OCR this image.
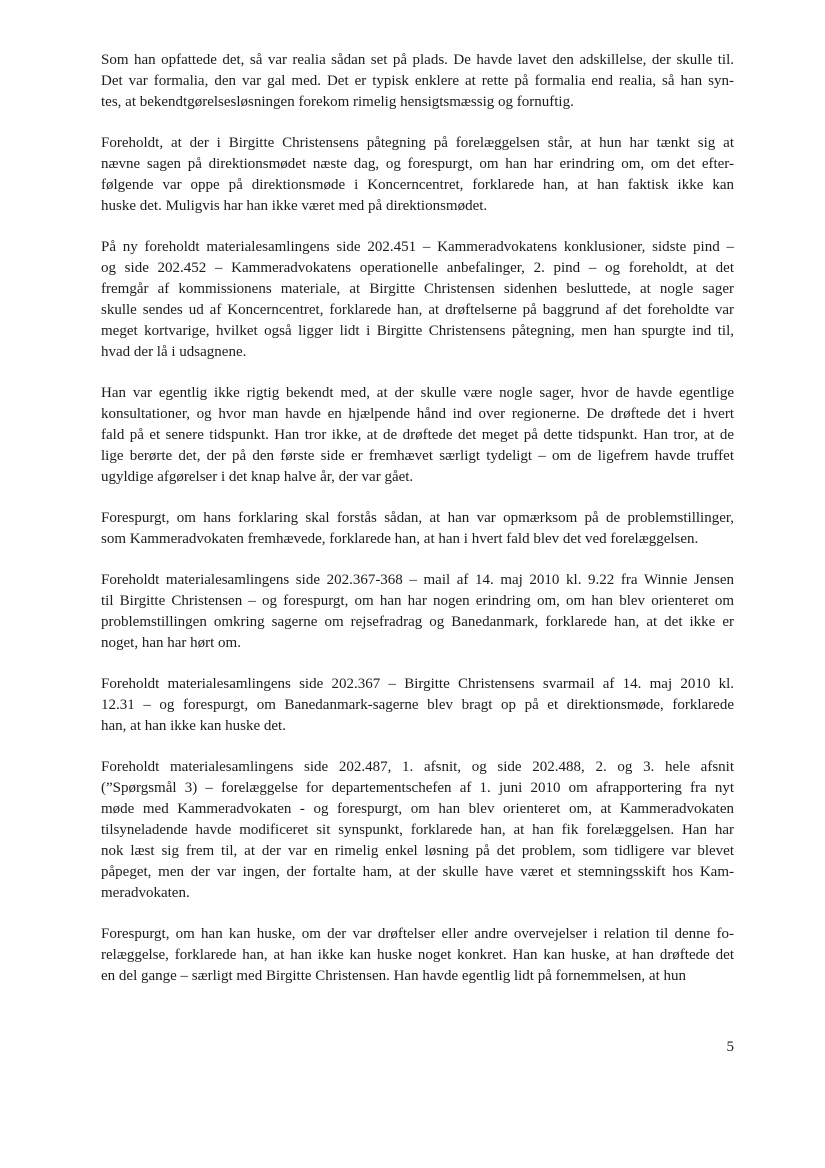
Som han opfattede det, så var realia sådan set på plads. De havde lavet den adskillelse, der skulle til.
Det var formalia, den var gal med. Det er typisk enklere at rette på formalia end realia, så han syn-
tes, at bekendtgørelsesløsningen forekom rimelig hensigtsmæssig og fornuftig.
Foreholdt, at der i Birgitte Christensens påtegning på forelæggelsen står, at hun har tænkt sig at
nævne sagen på direktionsmødet næste dag, og forespurgt, om han har erindring om, om det efter-
følgende var oppe på direktionsmøde i Koncerncentret, forklarede han, at han faktisk ikke kan
huske det. Muligvis har han ikke været med på direktionsmødet.
På ny foreholdt materialesamlingens side 202.451 – Kammeradvokatens konklusioner, sidste pind –
og side 202.452 – Kammeradvokatens operationelle anbefalinger, 2. pind – og foreholdt, at det
fremgår af kommissionens materiale, at Birgitte Christensen sidenhen besluttede, at nogle sager
skulle sendes ud af Koncerncentret, forklarede han, at drøftelserne på baggrund af det foreholdte var
meget kortvarige, hvilket også ligger lidt i Birgitte Christensens påtegning, men han spurgte ind til,
hvad der lå i udsagnene.
Han var egentlig ikke rigtig bekendt med, at der skulle være nogle sager, hvor de havde egentlige
konsultationer, og hvor man havde en hjælpende hånd ind over regionerne. De drøftede det i hvert
fald på et senere tidspunkt. Han tror ikke, at de drøftede det meget på dette tidspunkt. Han tror, at de
lige berørte det, der på den første side er fremhævet særligt tydeligt – om de ligefrem havde truffet
ugyldige afgørelser i det knap halve år, der var gået.
Forespurgt, om hans forklaring skal forstås sådan, at han var opmærksom på de problemstillinger,
som Kammeradvokaten fremhævede, forklarede han, at han i hvert fald blev det ved forelæggelsen.
Foreholdt materialesamlingens side 202.367-368 – mail af 14. maj 2010 kl. 9.22 fra Winnie Jensen
til Birgitte Christensen – og forespurgt, om han har nogen erindring om, om han blev orienteret om
problemstillingen omkring sagerne om rejsefradrag og Banedanmark, forklarede han, at det ikke er
noget, han har hørt om.
Foreholdt materialesamlingens side 202.367 – Birgitte Christensens svarmail af 14. maj 2010 kl.
12.31 – og forespurgt, om Banedanmark-sagerne blev bragt op på et direktionsmøde, forklarede
han, at han ikke kan huske det.
Foreholdt materialesamlingens side 202.487, 1. afsnit, og side 202.488, 2. og 3. hele afsnit
(”Spørgsmål 3) – forelæggelse for departementschefen af 1. juni 2010 om afrapportering fra nyt
møde med Kammeradvokaten - og forespurgt, om han blev orienteret om, at Kammeradvokaten
tilsyneladende havde modificeret sit synspunkt, forklarede han, at han fik forelæggelsen. Han har
nok læst sig frem til, at der var en rimelig enkel løsning på det problem, som tidligere var blevet
påpeget, men der var ingen, der fortalte ham, at der skulle have været et stemningsskift hos Kam-
meradvokaten.
Forespurgt, om han kan huske, om der var drøftelser eller andre overvejelser i relation til denne fo-
relæggelse, forklarede han, at han ikke kan huske noget konkret. Han kan huske, at han drøftede det
en del gange – særligt med Birgitte Christensen. Han havde egentlig lidt på fornemmelsen, at hun
5
